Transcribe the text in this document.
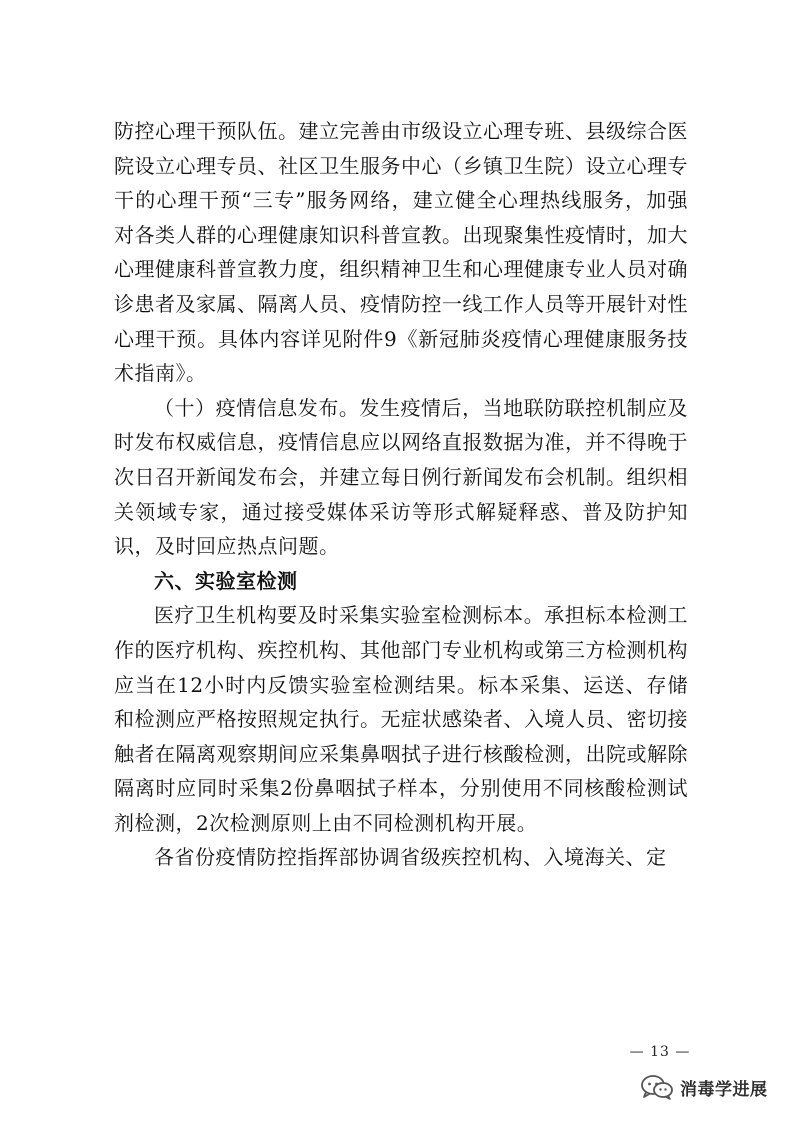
防控心理干预队伍。建立完善由市级设立心理专班、县级综合医院设立心理专员、社区卫生服务中心（乡镇卫生院）设立心理专干的心理干预“三专”服务网络，建立健全心理热线服务，加强对各类人群的心理健康知识科普宣教。出现聚集性疫情时，加大心理健康科普宣教力度，组织精神卫生和心理健康专业人员对确诊患者及家属、隔离人员、疫情防控一线工作人员等开展针对性心理干预。具体内容详见附件9《新冠肺炎疫情心理健康服务技术指南》。

（十）疫情信息发布。发生疫情后，当地联防联控机制应及时发布权威信息，疫情信息应以网络直报数据为准，并不得晚于次日召开新闻发布会，并建立每日例行新闻发布会机制。组织相关领域专家，通过接受媒体采访等形式解疑释惑、普及防护知识，及时回应热点问题。

六、实验室检测

医疗卫生机构要及时采集实验室检测标本。承担标本检测工作的医疗机构、疾控机构、其他部门专业机构或第三方检测机构应当在12小时内反馈实验室检测结果。标本采集、运送、存储和检测应严格按照规定执行。无症状感染者、入境人员、密切接触者在隔离观察期间应采集鼻咽拭子进行核酸检测，出院或解除隔离时应同时采集2份鼻咽拭子样本，分别使用不同核酸检测试剂检测，2次检测原则上由不同检测机构开展。

各省份疫情防控指挥部协调省级疾控机构、入境海关、定

— 13 —
消毒学进展
